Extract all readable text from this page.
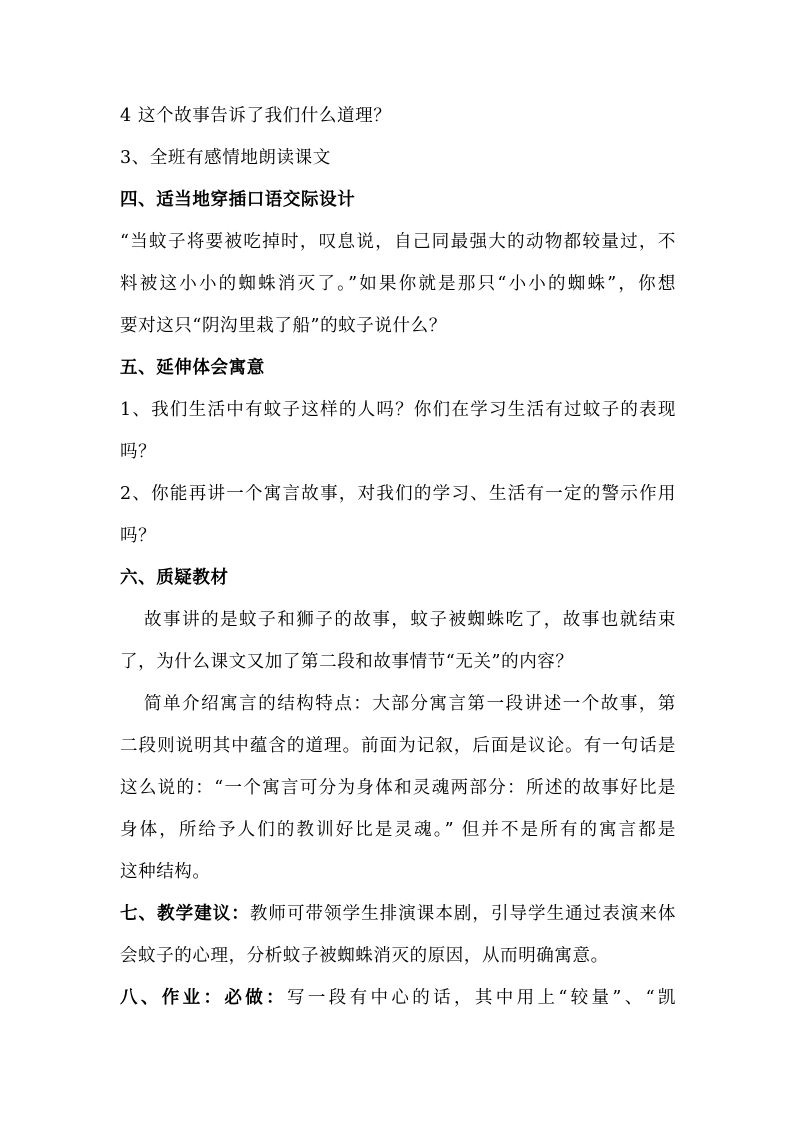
4 这个故事告诉了我们什么道理？
3、全班有感情地朗读课文
四、适当地穿插口语交际设计
“当蚊子将要被吃掉时，叹息说，自己同最强大的动物都较量过，不
料被这小小的蜘蛛消灭了。”如果你就是那只“小小的蜘蛛”，你想
要对这只“阴沟里栽了船”的蚊子说什么？
五、延伸体会寓意
1、我们生活中有蚊子这样的人吗？你们在学习生活有过蚊子的表现
吗？
2、你能再讲一个寓言故事，对我们的学习、生活有一定的警示作用
吗？
六、质疑教材
故事讲的是蚊子和狮子的故事，蚊子被蜘蛛吃了，故事也就结束
了，为什么课文又加了第二段和故事情节“无关”的内容？
简单介绍寓言的结构特点：大部分寓言第一段讲述一个故事，第
二段则说明其中蕴含的道理。前面为记叙，后面是议论。有一句话是
这么说的：“一个寓言可分为身体和灵魂两部分：所述的故事好比是
身体，所给予人们的教训好比是灵魂。” 但并不是所有的寓言都是
这种结构。
七、教学建议：教师可带领学生排演课本剧，引导学生通过表演来体
会蚊子的心理，分析蚊子被蜘蛛消灭的原因，从而明确寓意。
八、作业：必做：写一段有中心的话，其中用上“较量”、“凯
